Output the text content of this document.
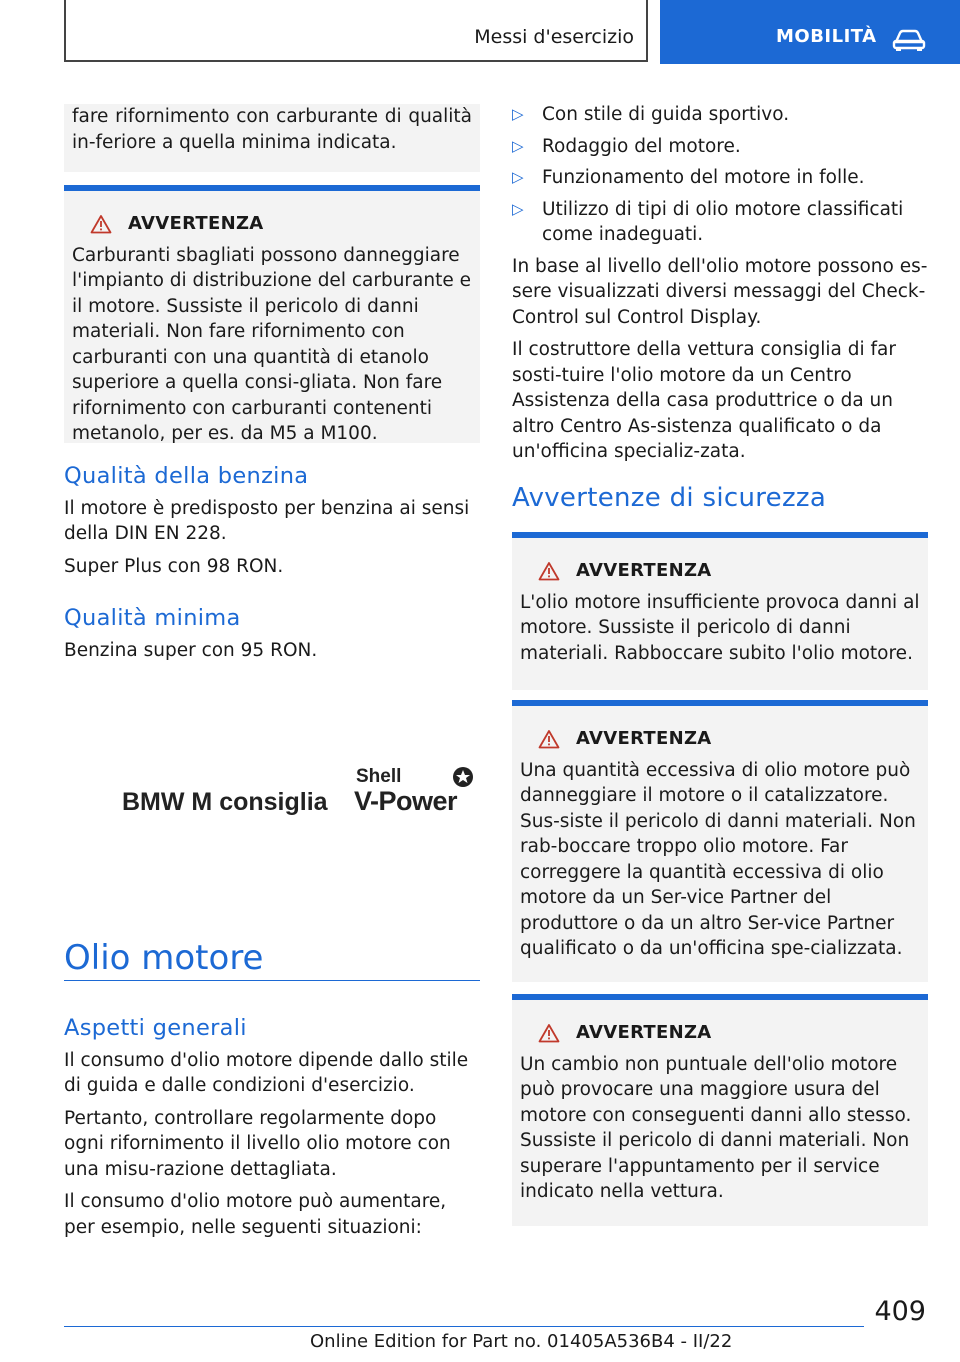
Messi d'esercizio	MOBILITÀ

fare rifornimento con carburante di qualità in-feriore a quella minima indicata.

AVVERTENZA
Carburanti sbagliati possono danneggiare l'impianto di distribuzione del carburante e il motore. Sussiste il pericolo di danni materiali. Non fare rifornimento con carburanti con una quantità di etanolo superiore a quella consi-gliata. Non fare rifornimento con carburanti contenenti metanolo, per es. da M5 a M100.
Qualità della benzina

Il motore è predisposto per benzina ai sensi della DIN EN 228.

Super Plus con 98 RON.

Qualità minima

Benzina super con 95 RON.

BMW M consiglia
Shell
V-Power
Olio motore
Aspetti generali

Il consumo d'olio motore dipende dallo stile di guida e dalle condizioni d'esercizio.

Pertanto, controllare regolarmente dopo ogni rifornimento il livello olio motore con una misu-razione dettagliata.

Il consumo d'olio motore può aumentare, per esempio, nelle seguenti situazioni:

▷ Con stile di guida sportivo.
▷ Rodaggio del motore.
▷ Funzionamento del motore in folle.
▷ Utilizzo di tipi di olio motore classificati come inadeguati.

In base al livello dell'olio motore possono es-sere visualizzati diversi messaggi del Check-Control sul Control Display.

Il costruttore della vettura consiglia di far sosti-tuire l'olio motore da un Centro Assistenza della casa produttrice o da un altro Centro As-sistenza qualificato o da un'officina specializ-zata.

Avvertenze di sicurezza
AVVERTENZA
L'olio motore insufficiente provoca danni al motore. Sussiste il pericolo di danni materiali. Rabboccare subito l'olio motore.
AVVERTENZA
Una quantità eccessiva di olio motore può danneggiare il motore o il catalizzatore. Sus-siste il pericolo di danni materiali. Non rab-boccare troppo olio motore. Far correggere la quantità eccessiva di olio motore da un Ser-vice Partner del produttore o da un altro Ser-vice Partner qualificato o da un'officina spe-cializzata.
AVVERTENZA
Un cambio non puntuale dell'olio motore può provocare una maggiore usura del motore con conseguenti danni allo stesso. Sussiste il pericolo di danni materiali. Non superare l'appuntamento per il service indicato nella vettura.
409
Online Edition for Part no. 01405A536B4 - II/22
